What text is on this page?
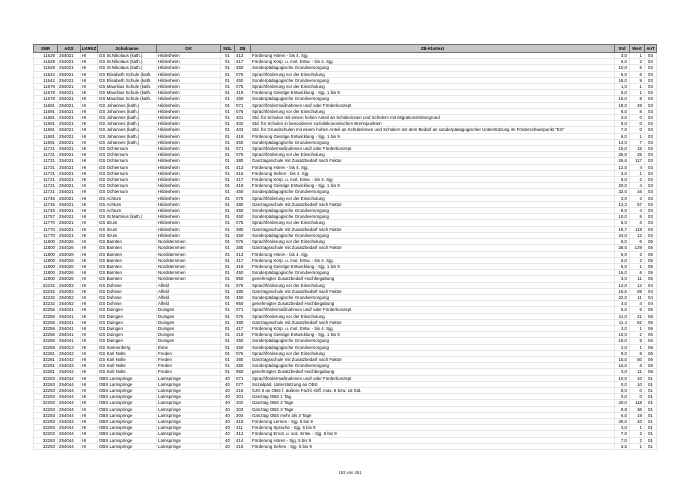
SNR	AGS	LKRKZ	Schulname	Ort	SGL	ZB	ZB-Klartext	Std	Wert	AnT
11629	254021	HI	GS St.Nikolaus (kath.)	Hildesheim	01	413	Förderung Hören - bis 4. Sjg.	3,0	1	03
11629	254021	HI	GS St.Nikolaus (kath.)	Hildesheim	01	417	Förderung Körp. u. mot. Entw. - bis 4. Sjg.	6,0	2	03
11629	254021	HI	GS St.Nikolaus (kath.)	Hildesheim	01	450	Sonderpädagogische Grundversorgung	10,0	5	03
11642	254021	HI	GS Elisabeth Schule (kath.	Hildesheim	01	076	Sprachförderung vor der Einschulung	5,0	5	03
11642	254021	HI	GS Elisabeth Schule (kath.	Hildesheim	01	450	Sonderpädagogische Grundversorgung	18,0	9	03
11678	254021	HI	GS Mauritius Schule (kath.	Hildesheim	01	076	Sprachförderung vor der Einschulung	1,0	1	03
11678	254021	HI	GS Mauritius Schule (kath.	Hildesheim	01	419	Förderung Geistige Entwicklung - Sjg. 1 bis 9	5,0	1	03
11678	254021	HI	GS Mauritius Schule (kath.	Hildesheim	01	450	Sonderpädagogische Grundversorgung	16,0	8	03
11691	254021	HI	GS Johannes (kath.)	Hildesheim	01	071	Sprachfördermaßnahmen und/ oder Förderkonzept	18,0	48	03
11691	254021	HI	GS Johannes (kath.)	Hildesheim	01	076	Sprachförderung vor der Einschulung	8,0	8	03
11691	254021	HI	GS Johannes (kath.)	Hildesheim	01	401	Std. für Schulen mit einem hohen Anteil an Schülerinnen und Schülern mit Migrationshintergrund	3,0	0	03
11691	254021	HI	GS Johannes (kath.)	Hildesheim	01	402	Std. für Schulen in besonderen sozialökonomischen Brennpunkten	5,0	0	03
11691	254021	HI	GS Johannes (kath.)	Hildesheim	01	403	Std. für Grundschulen mit einem hohen Anteil an Schülerinnen und Schülern mit dem Bedarf an sonderpädagogischer Unterstützung im Förderschwerpunkt "ES"	7,0	0	03
11691	254021	HI	GS Johannes (kath.)	Hildesheim	01	419	Förderung Geistige Entwicklung - Sjg. 1 bis 9	5,0	1	03
11691	254021	HI	GS Johannes (kath.)	Hildesheim	01	450	Sonderpädagogische Grundversorgung	14,0	7	03
11721	254021	HI	GS Ochtersum	Hildesheim	01	071	Sprachfördermaßnahmen und/ oder Förderkonzept	15,0	15	03
11721	254021	HI	GS Ochtersum	Hildesheim	01	076	Sprachförderung vor der Einschulung	25,0	25	03
11721	254021	HI	GS Ochtersum	Hildesheim	01	380	Ganztagsschule mit Zusatzbedarf nach Faktor	26,6	117	03
11721	254021	HI	GS Ochtersum	Hildesheim	01	413	Förderung Hören - bis 4. Sjg.	12,0	4	03
11721	254021	HI	GS Ochtersum	Hildesheim	01	415	Förderung Sehen - bis 4. Sjg.	3,0	1	03
11721	254021	HI	GS Ochtersum	Hildesheim	01	417	Förderung Körp. u. mot. Entw. - bis 4. Sjg.	6,0	2	03
11721	254021	HI	GS Ochtersum	Hildesheim	01	419	Förderung Geistige Entwicklung - Sjg. 1 bis 9	20,0	4	03
11721	254021	HI	GS Ochtersum	Hildesheim	01	450	Sonderpädagogische Grundversorgung	32,0	16	03
11745	254021	HI	GS Achtum	Hildesheim	01	076	Sprachförderung vor der Einschulung	3,0	3	03
11745	254021	HI	GS Achtum	Hildesheim	01	380	Ganztagsschule mit Zusatzbedarf nach Faktor	12,3	57	03
11745	254021	HI	GS Achtum	Hildesheim	01	450	Sonderpädagogische Grundversorgung	8,0	4	03
11757	254021	HI	GS St.Martinus (kath.)	Hildesheim	01	450	Sonderpädagogische Grundversorgung	10,0	5	03
11770	254021	HI	GS Itzum	Hildesheim	01	076	Sprachförderung vor der Einschulung	6,0	6	03
11770	254021	HI	GS Itzum	Hildesheim	01	380	Ganztagsschule mit Zusatzbedarf nach Faktor	19,7	119	03
11770	254021	HI	GS Itzum	Hildesheim	01	450	Sonderpädagogische Grundversorgung	24,0	12	03
11800	254026	HI	GS Barnten	Nordstemmen	01	076	Sprachförderung vor der Einschulung	6,0	6	05
11800	254026	HI	GS Barnten	Nordstemmen	01	380	Ganztagsschule mit Zusatzbedarf nach Faktor	28,5	129	05
11800	254026	HI	GS Barnten	Nordstemmen	01	413	Förderung Hören - bis 4. Sjg.	6,0	2	05
11800	254026	HI	GS Barnten	Nordstemmen	01	417	Förderung Körp. u. mot. Entw. - bis 4. Sjg.	6,0	2	05
11800	254026	HI	GS Barnten	Nordstemmen	01	419	Förderung Geistige Entwicklung - Sjg. 1 bis 9	5,0	1	05
11800	254026	HI	GS Barnten	Nordstemmen	01	450	Sonderpädagogische Grundversorgung	16,0	8	05
11800	254026	HI	GS Barnten	Nordstemmen	01	950	genehmigter Zusatzbedarf Hochbegabung	3,0	11	05
32232	254002	HI	GS Dohnse	Alfeld	01	076	Sprachförderung vor der Einschulung	12,0	12	04
32232	254002	HI	GS Dohnse	Alfeld	01	380	Ganztagsschule mit Zusatzbedarf nach Faktor	16,6	69	04
32232	254002	HI	GS Dohnse	Alfeld	01	450	Sonderpädagogische Grundversorgung	22,0	11	04
32232	254002	HI	GS Dohnse	Alfeld	01	950	genehmigter Zusatzbedarf Hochbegabung	4,0	4	04
32256	254041	HI	GS Duingen	Duingen	01	071	Sprachfördermaßnahmen und/ oder Förderkonzept	5,0	5	06
32256	254041	HI	GS Duingen	Duingen	01	076	Sprachförderung vor der Einschulung	21,0	21	06
32256	254041	HI	GS Duingen	Duingen	01	380	Ganztagsschule mit Zusatzbedarf nach Faktor	11,4	62	06
32256	254041	HI	GS Duingen	Duingen	01	417	Förderung Körp. u. mot. Entw. - bis 4. Sjg.	3,0	1	06
32256	254041	HI	GS Duingen	Duingen	01	419	Förderung Geistige Entwicklung - Sjg. 1 bis 9	10,0	2	06
32256	254041	HI	GS Duingen	Duingen	01	450	Sonderpädagogische Grundversorgung	16,0	8	06
32268	254013	HI	GS Sonnenberg	Eime	01	450	Sonderpädagogische Grundversorgung	2,0	1	06
32281	254042	HI	GS Karl Nolte	Freden	01	076	Sprachförderung vor der Einschulung	8,0	8	06
32281	254042	HI	GS Karl Nolte	Freden	01	380	Ganztagsschule mit Zusatzbedarf nach Faktor	15,0	50	06
32281	254042	HI	GS Karl Nolte	Freden	01	450	Sonderpädagogische Grundversorgung	16,0	8	06
32281	254042	HI	GS Karl Nolte	Freden	01	950	genehmigter Zusatzbedarf Hochbegabung	3,0	11	06
32293	254044	HI	OBS Lamspringe	Lamspringe	40	071	Sprachfördermaßnahmen und/ oder Förderkonzept	10,0	10	01
32293	254044	HI	OBS Lamspringe	Lamspringe	40	077	Sozialpäd. Unterstützung an OBS	0,0	10	01
32293	254044	HI	OBS Lamspringe	Lamspringe	40	216	SJG 6 an OBS f. äußere Fachl.-Diff. max. 8 bzw. 16 Std.	8,0	0	01
32293	254044	HI	OBS Lamspringe	Lamspringe	40	301	Ganztag OBS 1 Tag	0,0	0	01
32293	254044	HI	OBS Lamspringe	Lamspringe	40	302	Ganztag OBS 2 Tage	20,0	118	01
32293	254044	HI	OBS Lamspringe	Lamspringe	40	303	Ganztag OBS 3 Tage	9,8	36	01
32293	254044	HI	OBS Lamspringe	Lamspringe	40	304	Ganztag OBS mehr als 3 Tage	6,0	19	01
32293	254044	HI	OBS Lamspringe	Lamspringe	40	410	Förderung Lernen - Sjg. 5 bis 9	30,0	10	01
32293	254044	HI	OBS Lamspringe	Lamspringe	40	411	Förderung Sprache - Sjg. 5 bis 9	3,0	1	01
32293	254044	HI	OBS Lamspringe	Lamspringe	40	412	Förderung Emot. u. soz. Entw. - Sjg. 5 bis 9	7,0	2	01
32293	254044	HI	OBS Lamspringe	Lamspringe	40	414	Förderung Hören - Sjg. 5 bis 9	7,0	2	01
32293	254044	HI	OBS Lamspringe	Lamspringe	40	416	Förderung Sehen - Sjg. 5 bis 9	3,5	1	01
193 von 451
